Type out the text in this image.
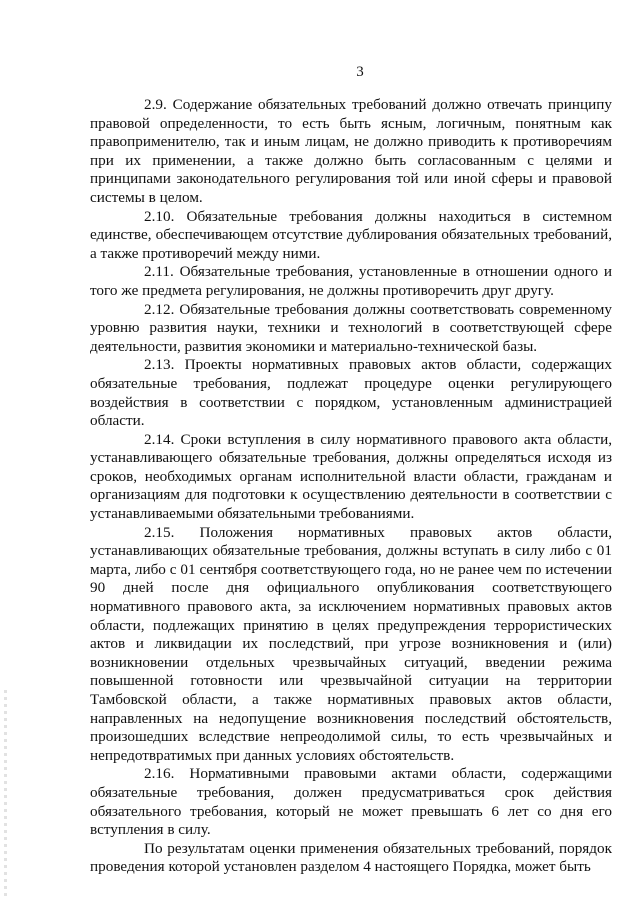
3

2.9. Содержание обязательных требований должно отвечать принципу правовой определенности, то есть быть ясным, логичным, понятным как правоприменителю, так и иным лицам, не должно приводить к противоречиям при их применении, а также должно быть согласованным с целями и принципами законодательного регулирования той или иной сферы и правовой системы в целом.

2.10. Обязательные требования должны находиться в системном единстве, обеспечивающем отсутствие дублирования обязательных требований, а также противоречий между ними.

2.11. Обязательные требования, установленные в отношении одного и того же предмета регулирования, не должны противоречить друг другу.

2.12. Обязательные требования должны соответствовать современному уровню развития науки, техники и технологий в соответствующей сфере деятельности, развития экономики и материально-технической базы.

2.13. Проекты нормативных правовых актов области, содержащих обязательные требования, подлежат процедуре оценки регулирующего воздействия в соответствии с порядком, установленным администрацией области.

2.14. Сроки вступления в силу нормативного правового акта области, устанавливающего обязательные требования, должны определяться исходя из сроков, необходимых органам исполнительной власти области, гражданам и организациям для подготовки к осуществлению деятельности в соответствии с устанавливаемыми обязательными требованиями.

2.15. Положения нормативных правовых актов области, устанавливающих обязательные требования, должны вступать в силу либо с 01 марта, либо с 01 сентября соответствующего года, но не ранее чем по истечении 90 дней после дня официального опубликования соответствующего нормативного правового акта, за исключением нормативных правовых актов области, подлежащих принятию в целях предупреждения террористических актов и ликвидации их последствий, при угрозе возникновения и (или) возникновении отдельных чрезвычайных ситуаций, введении режима повышенной готовности или чрезвычайной ситуации на территории Тамбовской области, а также нормативных правовых актов области, направленных на недопущение возникновения последствий обстоятельств, произошедших вследствие непреодолимой силы, то есть чрезвычайных и непредотвратимых при данных условиях обстоятельств.

2.16. Нормативными правовыми актами области, содержащими обязательные требования, должен предусматриваться срок действия обязательного требования, который не может превышать 6 лет со дня его вступления в силу.

По результатам оценки применения обязательных требований, порядок проведения которой установлен разделом 4 настоящего Порядка, может быть
